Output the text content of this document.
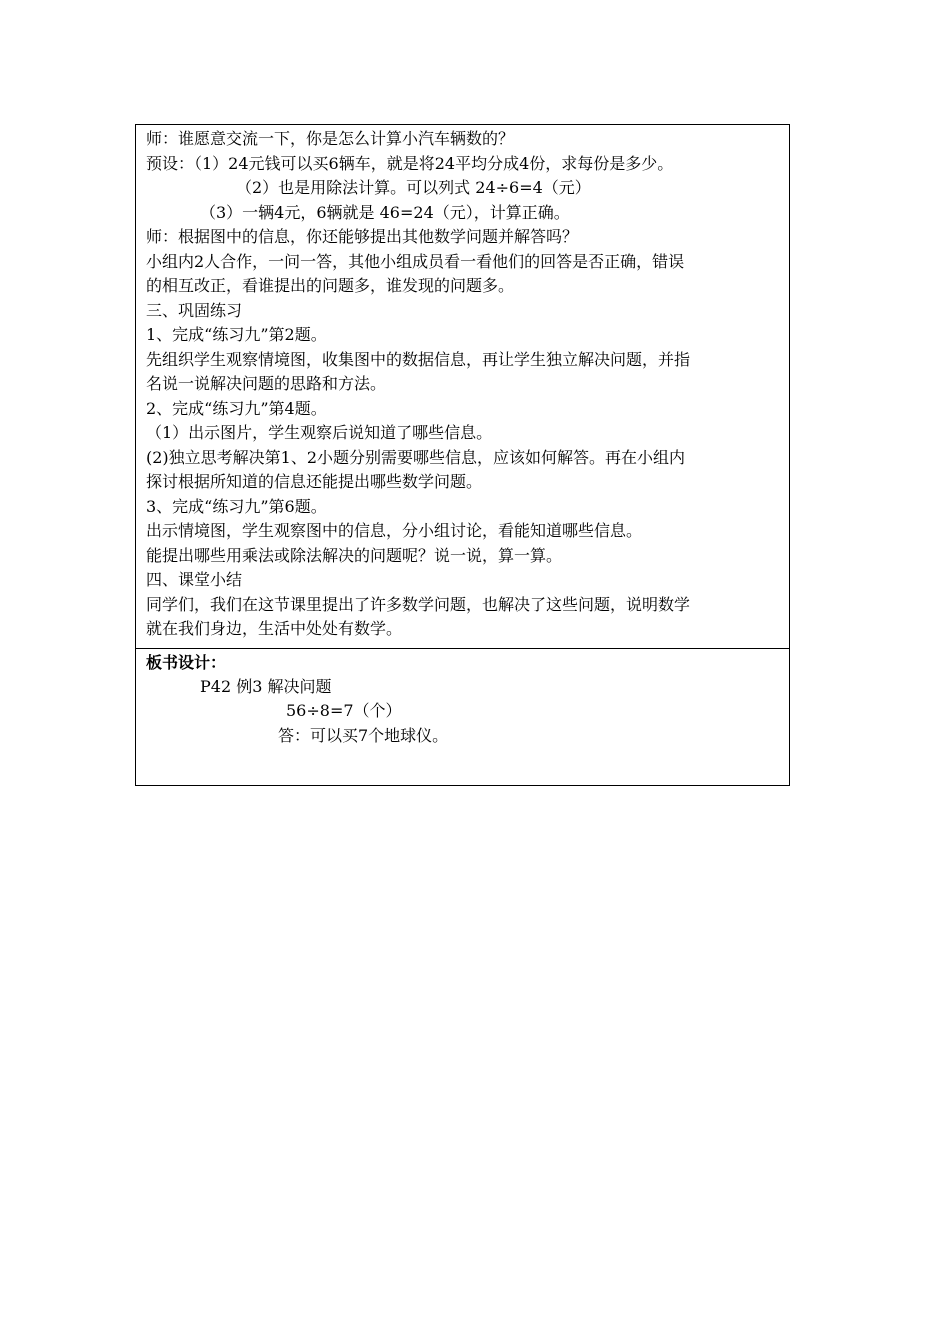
师：谁愿意交流一下，你是怎么计算小汽车辆数的？
预设：（1）24元钱可以买6辆车，就是将24平均分成4份，求每份是多少。
（2）也是用除法计算。可以列式 24÷6=4（元）
（3）一辆4元，6辆就是 46=24（元），计算正确。
师：根据图中的信息，你还能够提出其他数学问题并解答吗？
小组内2人合作，一问一答，其他小组成员看一看他们的回答是否正确，错误
的相互改正，看谁提出的问题多，谁发现的问题多。
三、巩固练习
1、完成“练习九”第2题。
先组织学生观察情境图，收集图中的数据信息，再让学生独立解决问题，并指
名说一说解决问题的思路和方法。
2、完成“练习九”第4题。
（1）出示图片，学生观察后说知道了哪些信息。
(2)独立思考解决第1、2小题分别需要哪些信息，应该如何解答。再在小组内
探讨根据所知道的信息还能提出哪些数学问题。
3、完成“练习九”第6题。
出示情境图，学生观察图中的信息，分小组讨论，看能知道哪些信息。
能提出哪些用乘法或除法解决的问题呢？说一说，算一算。
四、课堂小结
同学们，我们在这节课里提出了许多数学问题，也解决了这些问题，说明数学
就在我们身边，生活中处处有数学。
板书设计：
P42 例3 解决问题
56÷8=7（个）
答：可以买7个地球仪。
